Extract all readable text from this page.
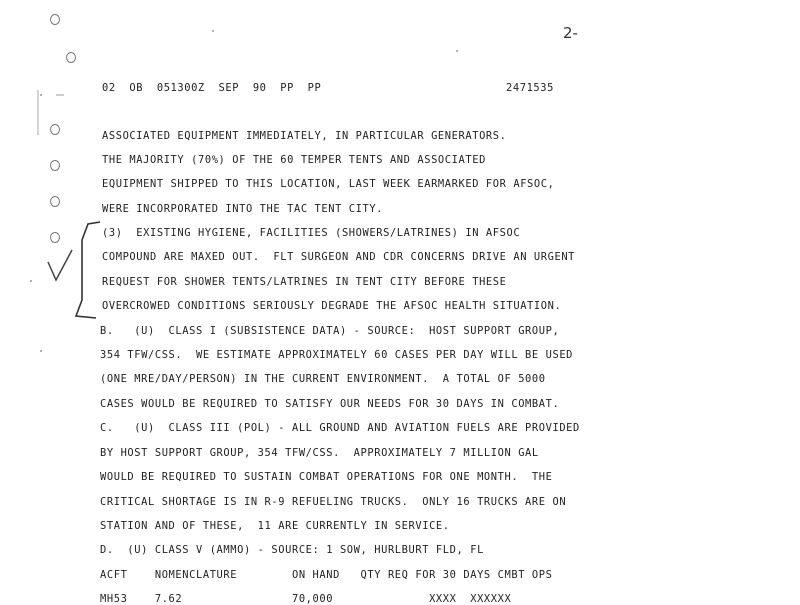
2-
02  OB  051300Z  SEP  90  PP  PP	2471535
ASSOCIATED EQUIPMENT IMMEDIATELY, IN PARTICULAR GENERATORS.
THE MAJORITY (70%) OF THE 60 TEMPER TENTS AND ASSOCIATED
EQUIPMENT SHIPPED TO THIS LOCATION, LAST WEEK EARMARKED FOR AFSOC,
WERE INCORPORATED INTO THE TAC TENT CITY.
(3)  EXISTING HYGIENE, FACILITIES (SHOWERS/LATRINES) IN AFSOC
COMPOUND ARE MAXED OUT.  FLT SURGEON AND CDR CONCERNS DRIVE AN URGENT
REQUEST FOR SHOWER TENTS/LATRINES IN TENT CITY BEFORE THESE
OVERCROWED CONDITIONS SERIOUSLY DEGRADE THE AFSOC HEALTH SITUATION.
B.   (U)  CLASS I (SUBSISTENCE DATA) - SOURCE:  HOST SUPPORT GROUP,
354 TFW/CSS.  WE ESTIMATE APPROXIMATELY 60 CASES PER DAY WILL BE USED
(ONE MRE/DAY/PERSON) IN THE CURRENT ENVIRONMENT.  A TOTAL OF 5000
CASES WOULD BE REQUIRED TO SATISFY OUR NEEDS FOR 30 DAYS IN COMBAT.
C.   (U)  CLASS III (POL) - ALL GROUND AND AVIATION FUELS ARE PROVIDED
BY HOST SUPPORT GROUP, 354 TFW/CSS.  APPROXIMATELY 7 MILLION GAL
WOULD BE REQUIRED TO SUSTAIN COMBAT OPERATIONS FOR ONE MONTH.  THE
CRITICAL SHORTAGE IS IN R-9 REFUELING TRUCKS.  ONLY 16 TRUCKS ARE ON
STATION AND OF THESE,  11 ARE CURRENTLY IN SERVICE.
D.  (U) CLASS V (AMMO) - SOURCE: 1 SOW, HURLBURT FLD, FL
ACFT    NOMENCLATURE        ON HAND   QTY REQ FOR 30 DAYS CMBT OPS
MH53    7.62                70,000              XXXX  XXXXXX
